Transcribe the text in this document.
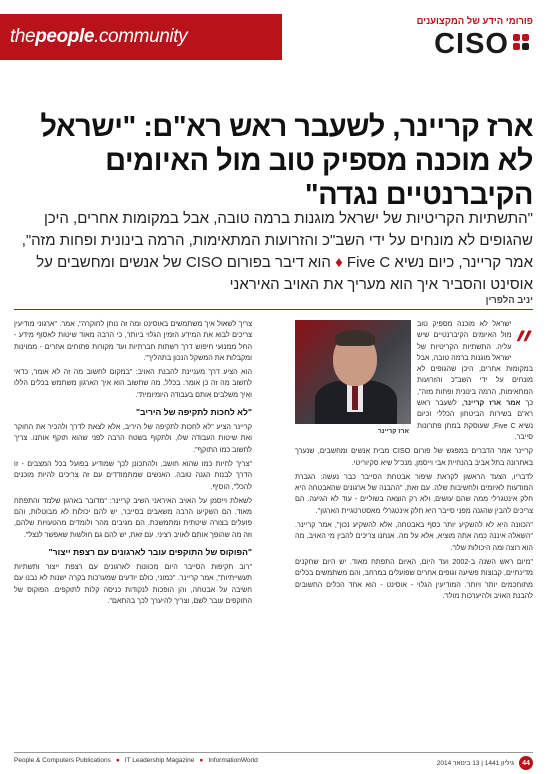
thepeople.community
פורומי הידע של המקצוענים
CISO
ארז קריינר, לשעבר ראש רא"ם: "ישראל לא מוכנה מספיק טוב מול האיומים הקיברנטיים נגדה"
"התשתיות הקריטיות של ישראל מוגנות ברמה טובה, אבל במקומות אחרים, היכן שהגופים לא מונחים על ידי השב"כ והזרועות המתאימות, הרמה בינונית ופחות מזה", אמר קריינר, כיום נשיא Five C ♦ הוא דיבר בפורום CISO של אנשים ומחשבים על אוסינט והסביר איך הוא מעריך את האויב האיראני
יניב הלפרין
״
ארז קריינר

ישראל לא מוכנה מספיק טוב מול האיומים הקיברנטיים שיש עליה. התשתיות הקריטיות של ישראל מוגנות ברמה טובה, אבל במקומות אחרים, היכן שהגופים לא מונחים על ידי השב"כ והזרועות המתאימות, הרמה בינונית ופחות מזה", כך אמר ארז קריינר, לשעבר ראש רא"ם בשירות הביטחון הכללי וכיום נשיא Five C, שעוסקת במתן פתרונות סייבר.

קריינר אמר הדברים במפגש של פורום CISO מבית אנשים ומחשבים, שנערך באחרונה בתל אביב בהנחיית אבי וייסמן, מנכ"ל שיא סקיוריטי.

לדבריו, הצעד הראשון לקראת שיפור אבטחת הסייבר כבר נעשה: הגברת המודעות לאיומים ולחשיבות שלה. עם זאת, "ההבנה של ארגונים שהאבטחה היא חלק אינטגרלי ממה שהם עושים, ולא רק הוצאה בשוליים - עוד לא הגיעה. הם צריכים להבין שהגנה מפני סייבר היא חלק אינטגרלי מאסטרטגיית הארגון".

"הכוונה היא לא להשקיע יותר כסף באבטחה, אלא להשקיע נכון", אמר קריינר. "השאלה איננה כמה אתה מוציא, אלא על מה. אנחנו צריכים להבין מי האויב, מה הוא רוצה ומה היכולות שלו".

"מיום ראש השנה ב-2002 ועד היום, האיום התפתח מאוד. יש היום שחקנים מדינתיים, קבוצות פשיעה וגופים אחרים שפועלים במרחב, והם משתמשים בכלים מתוחכמים יותר ויותר. המודיעין הגלוי - אוסינט - הוא אחד הכלים החשובים להבנת האויב ולהיערכות מולו".

צריך לשאול איך משתמשים באוסינט ומה זה נותן לחוקרה", אמר. "ארגוני מודיעין צריכים לבוא את המידע הזמין הגלוי ביותר, כי הרבה מאוד שיטות לאסוף מידע - החל ממנועי חיפוש דרך רשתות חברתיות ועד מקורות פתוחים אחרים - ממוינות ומקבלות את המשקל הנכון בתהליך".

הוא הציע דרך מעניינת להבנת האויב: "במקום לחשוב מה זה לא אומר, כדאי לחשוב מה זה כן אומר. בכלל, מה שחשוב הוא איך הארגון משתמש בכלים הללו ואיך משלבים אותם בעבודה היומיומית".

"לא לחכות לתקיפה של היריב"

קריינר הציע "לא לחכות לתקיפה של היריב, אלא לצאת לדרך ולהכיר את החוקר ואת שיטות העבודה שלו, ולתקוף בשטח הרבה לפני שהוא תוקף אותנו. צריך לחשוב כמו התוקף".

"צריך לחיות כמו שהוא חושב, ולהתכונן לכך שמודיע בפועל בכל המצבים - זו הדרך לבנות הגנה טובה. האנשים שמתמודדים עם זה צריכים להיות מוכנים להכל", הוסיף.

לשאלת וייסמן על האויב האיראני השיב קריינר: "מדובר בארגון שלמד והתפתח מאוד. הם השקיעו הרבה משאבים בסייבר, יש להם יכולות לא מבוטלות, והם פועלים בצורה שיטתית ומתמשכת. הם מגיבים מהר ולומדים מהטעויות שלהם, וזה מה שהופך אותם לאויב רציני. עם זאת, יש להם גם חולשות שאפשר לנצל".

"הפוקוס של התוקפים עובר לארגונים עם רצפת ייצור"

"רוב תקיפות הסייבר היום מכוונות לארגונים עם רצפת ייצור ותשתיות תעשייתיות", אמר קריינר. "כמוני, כולם יודעים שמערכות בקרה ישנות לא נבנו עם חשיבה על אבטחה, והן הופכות לנקודות כניסה קלות לתוקפים. הפוקוס של התוקפים עובר לשם, וצריך להיערך לכך בהתאם".

People & Computers Publications ● IT Leadership Magazine ● InformationWorld	44
גיליון 1441 | 13 בינואר 2014
